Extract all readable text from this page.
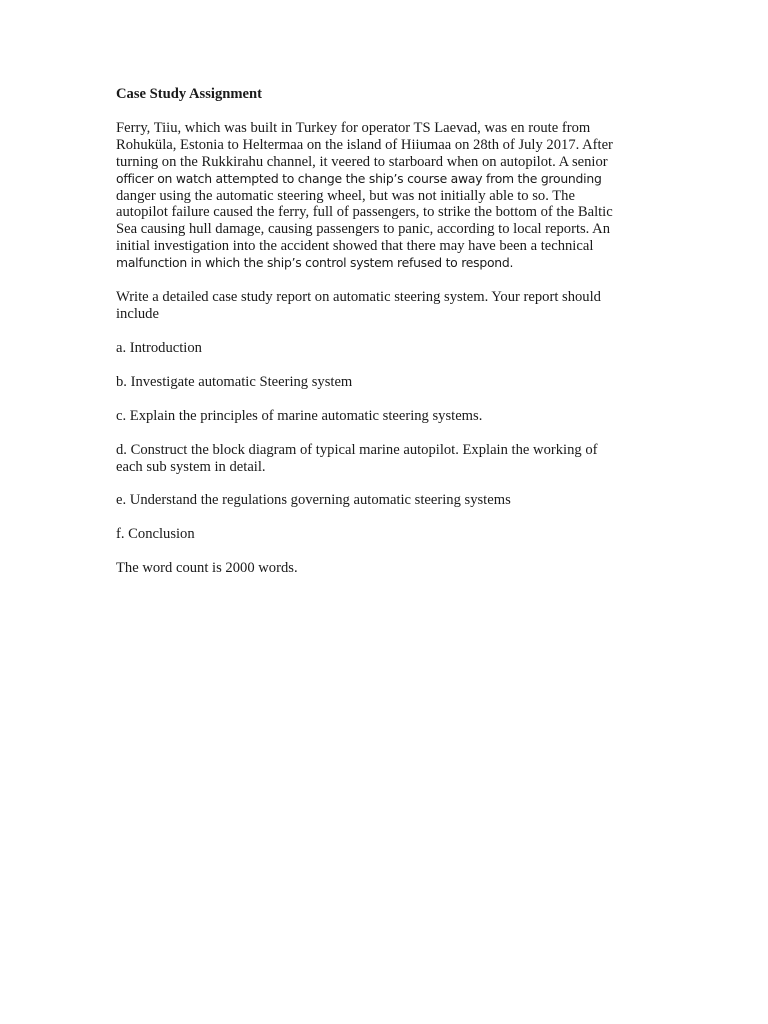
Case Study Assignment
Ferry, Tiiu, which was built in Turkey for operator TS Laevad, was en route from
Rohuküla, Estonia to Heltermaa on the island of Hiiumaa on 28th of July 2017. After
turning on the Rukkirahu channel, it veered to starboard when on autopilot. A senior
officer on watch attempted to change the ship’s course away from the grounding
danger using the automatic steering wheel, but was not initially able to so. The
autopilot failure caused the ferry, full of passengers, to strike the bottom of the Baltic
Sea causing hull damage, causing passengers to panic, according to local reports. An
initial investigation into the accident showed that there may have been a technical
malfunction in which the ship’s control system refused to respond.
Write a detailed case study report on automatic steering system. Your report should
include
a. Introduction
b. Investigate automatic Steering system
c. Explain the principles of marine automatic steering systems.
d. Construct the block diagram of typical marine autopilot. Explain the working of
each sub system in detail.
e. Understand the regulations governing automatic steering systems
f. Conclusion
The word count is 2000 words.
